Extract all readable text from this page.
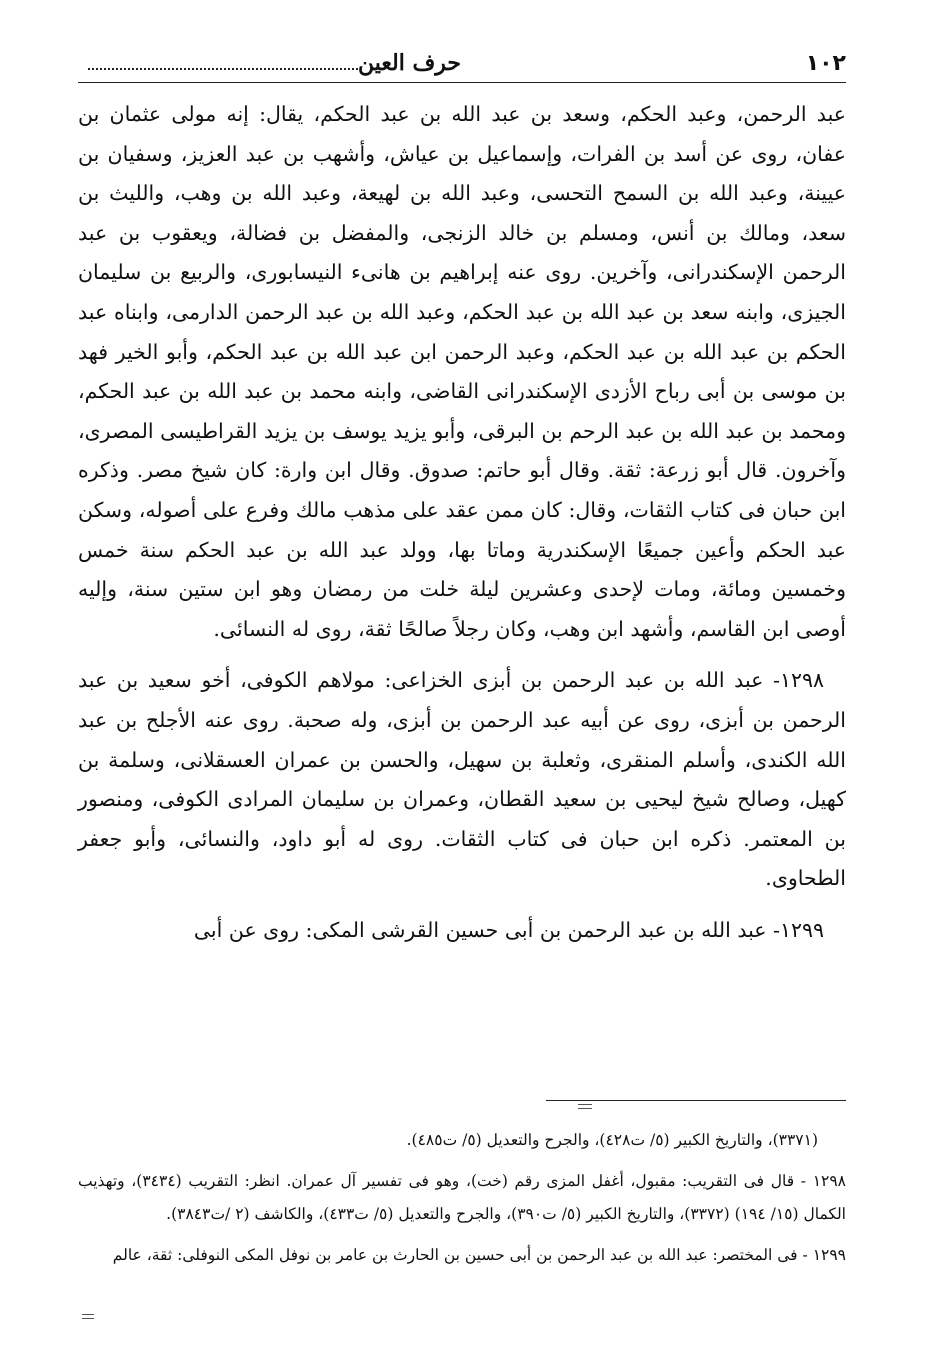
١٠٢
حرف العين

عبد الرحمن، وعبد الحكم، وسعد بن عبد الله بن عبد الحكم، يقال: إنه مولى عثمان بن عفان، روى عن أسد بن الفرات، وإسماعيل بن عياش، وأشهب بن عبد العزيز، وسفيان بن عيينة، وعبد الله بن السمح التحسى، وعبد الله بن لهيعة، وعبد الله بن وهب، والليث بن سعد، ومالك بن أنس، ومسلم بن خالد الزنجى، والمفضل بن فضالة، ويعقوب بن عبد الرحمن الإسكندرانى، وآخرين. روى عنه إبراهيم بن هانىء النيسابورى، والربيع بن سليمان الجيزى، وابنه سعد بن عبد الله بن عبد الحكم، وعبد الله بن عبد الرحمن الدارمى، وابناه عبد الحكم بن عبد الله بن عبد الحكم، وعبد الرحمن ابن عبد الله بن عبد الحكم، وأبو الخير فهد بن موسى بن أبى رباح الأزدى الإسكندرانى القاضى، وابنه محمد بن عبد الله بن عبد الحكم، ومحمد بن عبد الله بن عبد الرحم بن البرقى، وأبو يزيد يوسف بن يزيد القراطيسى المصرى، وآخرون. قال أبو زرعة: ثقة. وقال أبو حاتم: صدوق. وقال ابن وارة: كان شيخ مصر. وذكره ابن حبان فى كتاب الثقات، وقال: كان ممن عقد على مذهب مالك وفرع على أصوله، وسكن عبد الحكم وأعين جميعًا الإسكندرية وماتا بها، وولد عبد الله بن عبد الحكم سنة خمس وخمسين ومائة، ومات لإحدى وعشرين ليلة خلت من رمضان وهو ابن ستين سنة، وإليه أوصى ابن القاسم، وأشهد ابن وهب، وكان رجلاً صالحًا ثقة، روى له النسائى.

١٢٩٨- عبد الله بن عبد الرحمن بن أبزى الخزاعى: مولاهم الكوفى، أخو سعيد بن عبد الرحمن بن أبزى، روى عن أبيه عبد الرحمن بن أبزى، وله صحبة. روى عنه الأجلح بن عبد الله الكندى، وأسلم المنقرى، وثعلبة بن سهيل، والحسن بن عمران العسقلانى، وسلمة بن كهيل، وصالح شيخ ليحيى بن سعيد القطان، وعمران بن سليمان المرادى الكوفى، ومنصور بن المعتمر. ذكره ابن حبان فى كتاب الثقات. روى له أبو داود، والنسائى، وأبو جعفر الطحاوى.

١٢٩٩- عبد الله بن عبد الرحمن بن أبى حسين القرشى المكى: روى عن أبى

(٣٣٧١)، والتاريخ الكبير (٥/ ت٤٢٨)، والجرح والتعديل (٥/ ت٤٨٥).

١٢٩٨ - قال فى التقريب: مقبول، أغفل المزى رقم (خت)، وهو فى تفسير آل عمران. انظر: التقريب (٣٤٣٤)، وتهذيب الكمال (١٥/ ١٩٤) (٣٣٧٢)، والتاريخ الكبير (٥/ ت٣٩٠)، والجرح والتعديل (٥/ ت٤٣٣)، والكاشف (٢ /ت٣٨٤٣).

١٢٩٩ - فى المختصر: عبد الله بن عبد الرحمن بن أبى حسين بن الحارث بن عامر بن نوفل المكى النوفلى: ثقة، عالم
